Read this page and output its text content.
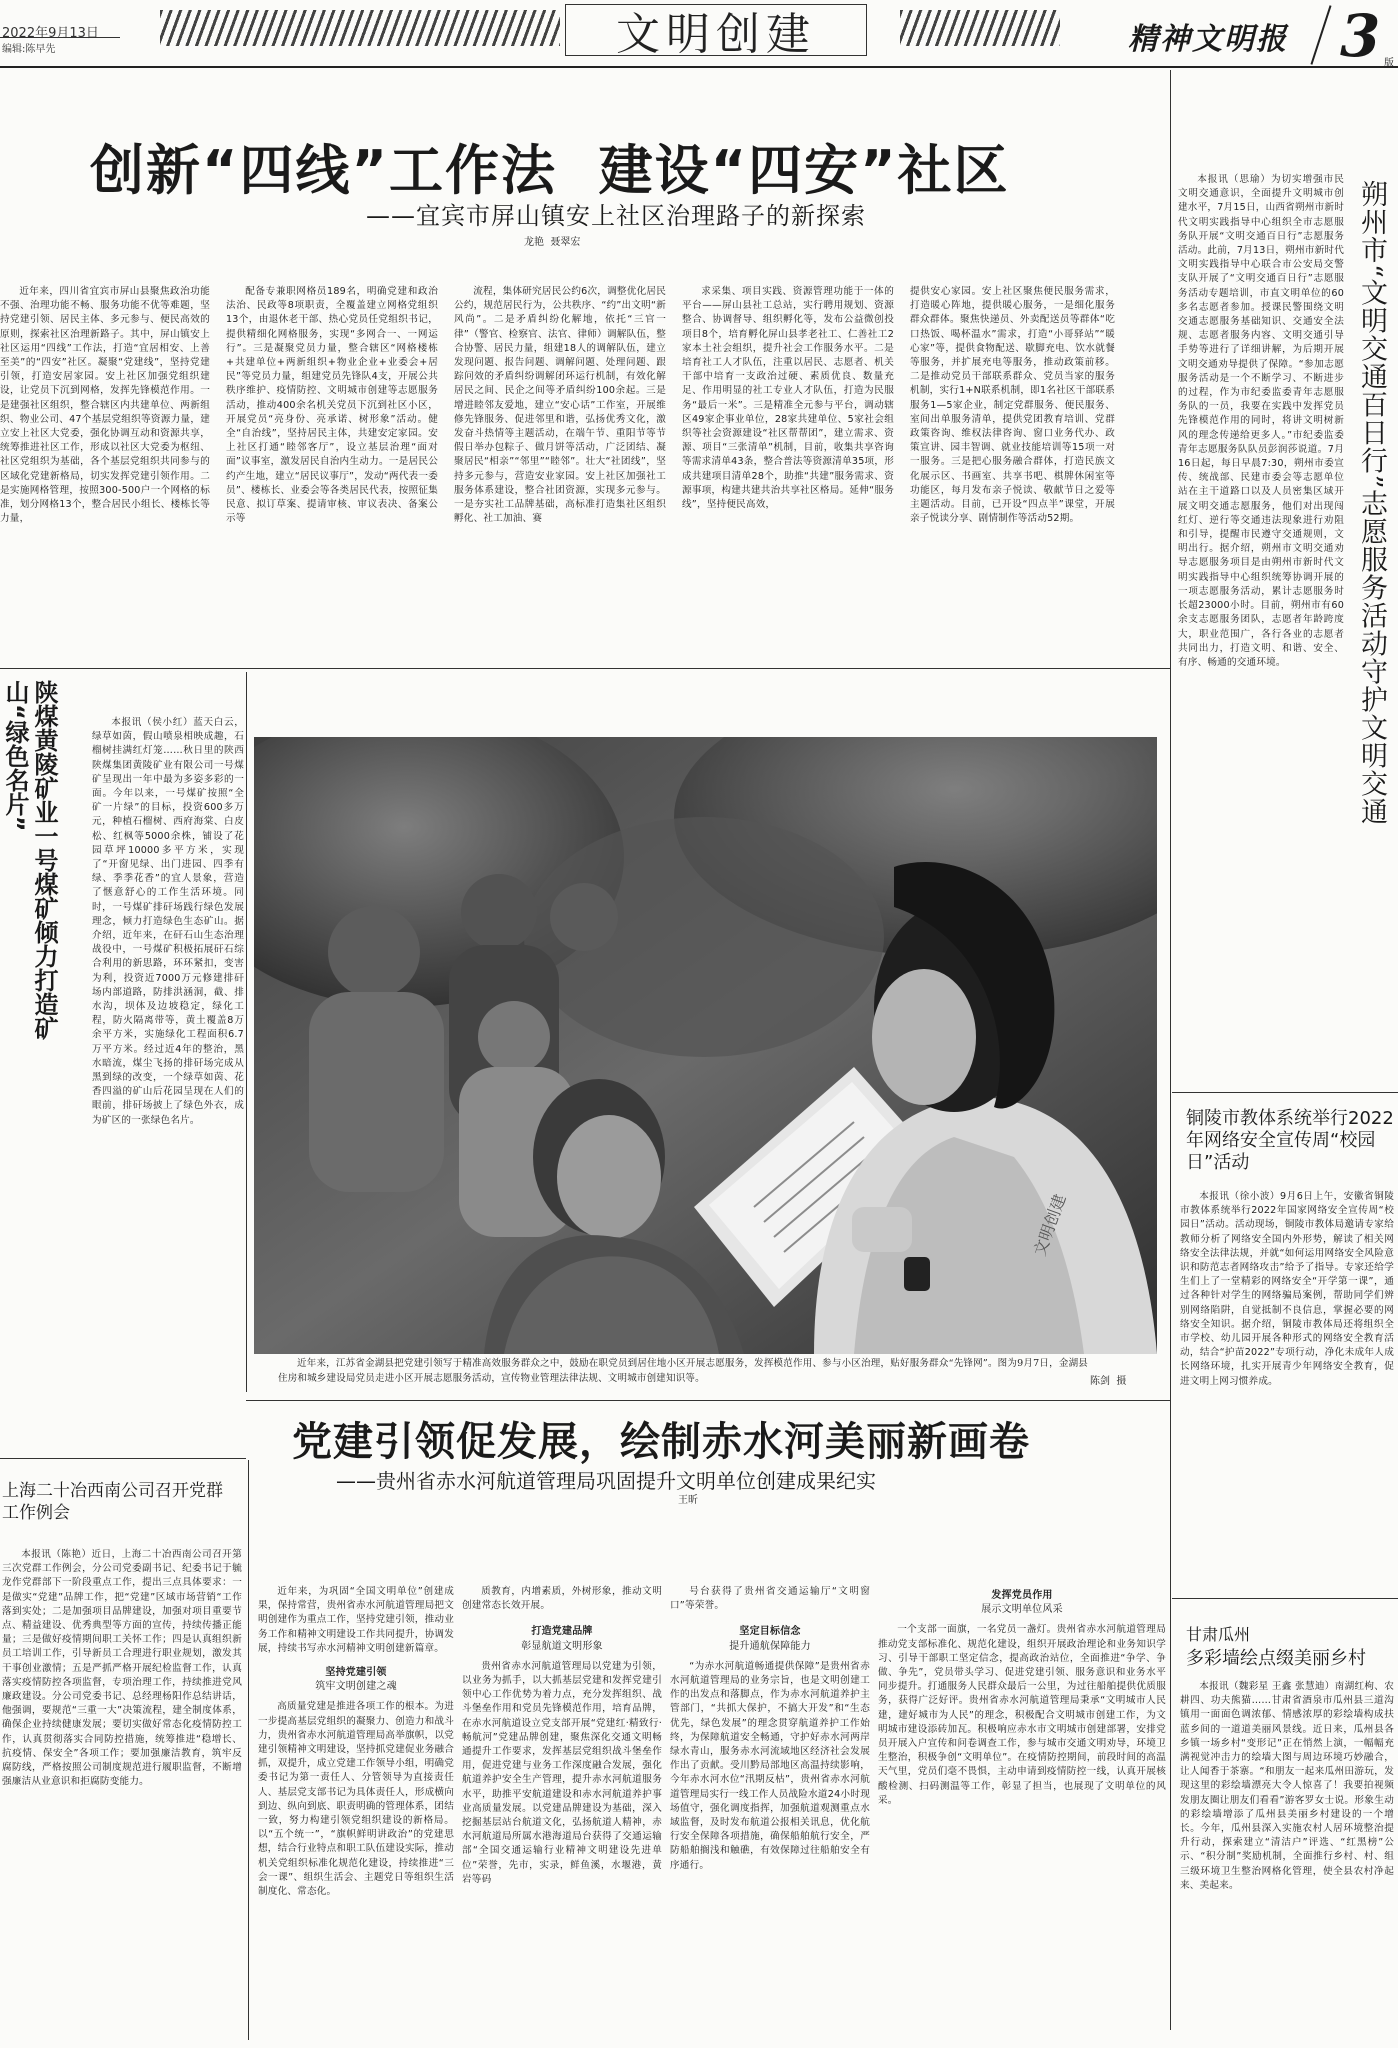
2022年9月13日
编辑:陈早先	文明创建	精神文明报 3 版
创新“四线”工作法  建设“四安”社区
——宜宾市屏山镇安上社区治理路子的新探索
龙艳  聂翠宏

近年来，四川省宜宾市屏山县聚焦政治功能不强、治理功能不畅、服务功能不优等难题，坚持党建引领、居民主体、多元参与、便民高效的原则，探索社区治理新路子。其中，屏山镇安上社区运用“四线”工作法，打造“宜居相安、上善至美”的“四安”社区。凝聚“党建线”，坚持党建引领，打造安居家园。安上社区加强党组织建设，让党员下沉到网格，发挥先锋模范作用。一是建强社区组织，整合辖区内共建单位、两新组织、物业公司、47个基层党组织等资源力量，建立安上社区大党委，强化协调互动和资源共享，统筹推进社区工作，形成以社区大党委为枢纽、社区党组织为基础，各个基层党组织共同参与的区域化党建新格局，切实发挥党建引领作用。二是实施网格管理，按照300-500户一个网格的标准，划分网格13个，整合居民小组长、楼栋长等力量，

配备专兼职网格员189名，明确党建和政治法治、民政等8项职责，全覆盖建立网格党组织13个，由退休老干部、热心党员任党组织书记，提供精细化网格服务，实现“多网合一、一网运行”。三是凝聚党员力量，整合辖区“网格楼栋+共建单位+两新组织+物业企业+业委会+居民”等党员力量，组建党员先锋队4支，开展公共秩序维护、疫情防控、文明城市创建等志愿服务活动，推动400余名机关党员下沉到社区小区，开展党员“亮身份、亮承诺、树形象”活动。健全“自治线”，坚持居民主体，共建安定家园。安上社区打通“睦邻客厅”，设立基层治理“面对面”议事室，激发居民自治内生动力。一是居民公约产生地，建立“居民议事厅”，发动“两代表一委员”、楼栋长、业委会等各类居民代表，按照征集民意、拟订草案、提请审核、审议表决、备案公示等

流程，集体研究居民公约6次，调整优化居民公约，规范居民行为，公共秩序、“约”出文明“新风尚”。二是矛盾纠纷化解地，依托“三官一律”（警官、检察官、法官、律师）调解队伍，整合协警、居民力量，组建18人的调解队伍，建立发现问题、报告问题、调解问题、处理问题、跟踪问效的矛盾纠纷调解闭环运行机制，有效化解居民之间、民企之间等矛盾纠纷100余起。三是增进睦邻友爱地，建立“安心话”工作室，开展维修先锋服务、促进邻里和谐，弘扬优秀文化，激发奋斗热情等主题活动，在端午节、重阳节等节假日举办包粽子、做月饼等活动，广泛团结、凝聚居民“相亲”“邻里”“睦邻”。壮大“社团线”，坚持多元参与，营造安业家园。安上社区加强社工服务体系建设，整合社团资源，实现多元参与。一是夯实社工品牌基础，高标准打造集社区组织孵化、社工加油、赛

求采集、项目实践、资源管理功能于一体的平台——屏山县社工总站，实行聘用规划、资源整合、协调督导、组织孵化等，发布公益微创投项目8个，培育孵化屏山县孝老社工、仁善社工2家本土社会组织，提升社会工作服务水平。二是培育社工人才队伍，注重以居民、志愿者、机关干部中培育一支政治过硬、素质优良、数量充足、作用明显的社工专业人才队伍，打造为民服务“最后一米”。三是精准全元参与平台，调动辖区49家企事业单位，28家共建单位、5家社会组织等社会资源建设“社区帮帮团”，建立需求、资源、项目“三张清单”机制，目前，收集共享咨询等需求清单43条，整合普法等资源清单35项，形成共建项目清单28个，助推“共建”服务需求、资源事项，构建共建共治共享社区格局。延伸“服务线”，坚持便民高效，

提供安心家园。安上社区聚焦便民服务需求，打造暖心阵地，提供暖心服务，一是细化服务群众群体。聚焦快递员、外卖配送员等群体“吃口热饭、喝杯温水”需求，打造“小哥驿站”“暖心家”等，提供食物配送、歇脚充电、饮水就餐等服务，并扩展充电等服务，推动政策前移。二是推动党员干部联系群众、党员当家的服务机制，实行1+N联系机制，即1名社区干部联系服务1—5家企业，制定党群服务、便民服务、室间出单服务清单，提供党团教育培训、党群政策咨询、维权法律咨询、窗口业务代办、政策宣讲、园丰智调、就业技能培训等15项一对一服务。三是把心服务融合群体，打造民族文化展示区、书画室、共享书吧、棋牌休闲室等功能区，每月发布亲子悦读、敬献节日之爱等主题活动。目前，已开设“四点半”课堂，开展亲子悦读分享、剧情制作等活动52期。	朔州市“文明交通百日行”志愿服务活动守护文明交通

本报讯（思瑜）为切实增强市民文明交通意识，全面提升文明城市创建水平，7月15日，山西省朔州市新时代文明实践指导中心组织全市志愿服务队开展“文明交通百日行”志愿服务活动。此前，7月13日，朔州市新时代文明实践指导中心联合市公安局交警支队开展了“文明交通百日行”志愿服务活动专题培训，市直文明单位的60多名志愿者参加。授课民警围绕文明交通志愿服务基础知识、交通安全法规、志愿者服务内容、文明交通引导手势等进行了详细讲解，为后期开展文明交通劝导提供了保障。“参加志愿服务活动是一个不断学习、不断进步的过程，作为市纪委监委青年志愿服务队的一员，我要在实践中发挥党员先锋模范作用的同时，将讲文明树新风的理念传递给更多人。”市纪委监委青年志愿服务队队员彭润莎说道。7月16日起，每日早晨7:30，朔州市委宣传、统战部、民建市委会等志愿单位站在主干道路口以及人员密集区域开展文明交通志愿服务，他们对出现闯红灯、逆行等交通违法现象进行劝阻和引导，提醒市民遵守交通规则，文明出行。据介绍，朔州市文明交通劝导志愿服务项目是由朔州市新时代文明实践指导中心组织统筹协调开展的一项志愿服务活动，累计志愿服务时长超23000小时。目前，朔州市有60余支志愿服务团队，志愿者年龄跨度大，职业范围广，各行各业的志愿者共同出力，打造文明、和谐、安全、有序、畅通的交通环境。

陕煤黄陵矿业一号煤矿倾力打造矿山“绿色名片”	本报讯（侯小红）蓝天白云，绿草如茵，假山喷泉相映成趣，石榴树挂满红灯笼……秋日里的陕西陕煤集团黄陵矿业有限公司一号煤矿呈现出一年中最为多姿多彩的一面。今年以来，一号煤矿按照“全矿一片绿”的目标，投资600多万元，种植石榴树、西府海棠、白皮松、红枫等5000余株，铺设了花园草坪10000多平方米，实现了“开窗见绿、出门进园、四季有绿、季季花香”的宜人景象，营造了惬意舒心的工作生活环境。同时，一号煤矿排矸场践行绿色发展理念，倾力打造绿色生态矿山。据介绍，近年来，在矸石山生态治理战役中，一号煤矿积极拓展矸石综合利用的新思路，环环紧扣，变害为利，投资近7000万元修建排矸场内部道路，防排洪涵洞，截、排水沟，坝体及边坡稳定，绿化工程，防火隔离带等，黄土覆盖8万余平方米，实施绿化工程面积6.7万平方米。经过近4年的整治，黑水暗流，煤尘飞扬的排矸场完成从黑到绿的改变，一个绿草如茵、花香四溢的矿山后花园呈现在人们的眼前，排矸场披上了绿色外衣，成为矿区的一张绿色名片。

文明创建

近年来，江苏省金湖县把党建引领写于精准高效服务群众之中，鼓励在职党员到居住地小区开展志愿服务，发挥模范作用、参与小区治理，贴好服务群众“先锋网”。图为9月7日，金湖县住房和城乡建设局党员走进小区开展志愿服务活动，宣传物业管理法律法规、文明城市创建知识等。	陈剑  摄
铜陵市教体系统举行2022年网络安全宣传周“校园日”活动

本报讯（徐小波）9月6日上午，安徽省铜陵市教体系统举行2022年国家网络安全宣传周“校园日”活动。活动现场，铜陵市教体局邀请专家给教师分析了网络安全国内外形势，解读了相关网络安全法律法规，并就“如何运用网络安全风险意识和防范志者网络攻击”给予了指导。专家还给学生们上了一堂精彩的网络安全“开学第一课”，通过各种针对学生的网络骗局案例，帮助同学们辨别网络陷阱，自觉抵制不良信息，掌握必要的网络安全知识。据介绍，铜陵市教体局还将组织全市学校、幼儿园开展各种形式的网络安全教育活动，结合“护苗2022”专项行动，净化未成年人成长网络环境，扎实开展青少年网络安全教育，促进文明上网习惯养成。

党建引领促发展，绘制赤水河美丽新画卷
——贵州省赤水河航道管理局巩固提升文明单位创建成果纪实
王昕

近年来，为巩固“全国文明单位”创建成果，保持常营，贵州省赤水河航道管理局把文明创建作为重点工作，坚持党建引领，推动业务工作和精神文明建设工作共同提升，协调发展，持续书写赤水河精神文明创建新篇章。

坚持党建引领
筑牢文明创建之魂

高质量党建是推进各项工作的根本。为进一步提高基层党组织的凝聚力、创造力和战斗力，贵州省赤水河航道管理局高举旗帜，以党建引领精神文明建设，坚持抓党建促业务融合抓，双提升，成立党建工作领导小组，明确党委书记为第一责任人、分管领导为直接责任人、基层党支部书记为具体责任人，形成横向到边、纵向到底、职责明确的管理体系，团结一致，努力构建引领党组织建设的新格局。以“五个统一”，“旗帜鲜明讲政治”的党建思想，结合行业特点和职工队伍建设实际，推动机关党组织标准化规范化建设，持续推进“三会一课”、组织生活会、主题党日等组织生活制度化、常态化。

质教育，内增素质，外树形象，推动文明创建常态长效开展。

打造党建品牌
彰显航道文明形象

贵州省赤水河航道管理局以党建为引领，以业务为抓手，以大抓基层党建和发挥党建引领中心工作优势为着力点，充分发挥组织、战斗堡垒作用和党员先锋模范作用，培育品牌，在赤水河航道设立党支部开展“党建红·精致行·畅航河”党建品牌创建，聚焦深化交通文明畅通提升工作要求，发挥基层党组织战斗堡垒作用，促进党建与业务工作深度融合发展，强化航道养护安全生产管理，提升赤水河航道服务水平，助推平安航道建设和赤水河航道养护事业高质量发展。以党建品牌建设为基础，深入挖掘基层站台航道文化，弘扬航道人精神，赤水河航道局所属水港海道局台获得了交通运输部“全国交通运输行业精神文明建设先进单位”荣誉，先市，实录，鲜鱼溪，水堰港，黄岩等码

号台获得了贵州省交通运输厅“文明窗口”等荣誉。

坚定目标信念
提升通航保障能力

“为赤水河航道畅通提供保障”是贵州省赤水河航道管理局的业务宗旨，也是文明创建工作的出发点和落脚点，作为赤水河航道养护主管部门，“共抓大保护，不搞大开发”和“生态优先，绿色发展”的理念贯穿航道养护工作始终，为保障航道安全畅通，守护好赤水河两岸绿水青山，服务赤水河流域地区经济社会发展作出了贡献。受川黔局部地区高温持续影响，今年赤水河水位“汛期反枯”，贵州省赤水河航道管理局实行一线工作人员战险水道24小时现场值守，强化调度指挥，加强航道观测重点水域监督，及时发布航道公报相关讯息，优化航行安全保障各项措施，确保船舶航行安全，严防船舶搁浅和触礁，有效保障过往船舶安全有序通行。

发挥党员作用
展示文明单位风采

一个支部一面旗，一名党员一盏灯。贵州省赤水河航道管理局推动党支部标准化、规范化建设，组织开展政治理论和业务知识学习、引导干部职工坚定信念，提高政治站位，全面推进“争学、争做、争先”，党员带头学习、促进党建引领、服务意识和业务水平同步提升。打通服务人民群众最后一公里，为过往船舶提供优质服务，获得广泛好评。贵州省赤水河航道管理局秉承“文明城市人民建，建好城市为人民”的理念，积极配合文明城市创建工作，为文明城市建设添砖加瓦。积极响应赤水市文明城市创建部署，安排党员开展入户宣传和问卷调查工作，参与城市交通文明劝导，环境卫生整治，积极争创“文明单位”。在疫情防控期间，前段时间的高温天气里，党员们毫不畏惧，主动申请到疫情防控一线，认真开展核酸检测、扫码测温等工作，彰显了担当，也展现了文明单位的风采。

上海二十冶西南公司召开党群工作例会

本报讯（陈艳）近日，上海二十冶西南公司召开第三次党群工作例会，分公司党委副书记、纪委书记于毓龙作党群部下一阶段重点工作，提出三点具体要求：一是做实“党建”品牌工作，把“党建”区域市场营销“工作落到实处；二是加强项目品牌建设，加强对项目重要节点、精益建设、优秀典型等方面的宣传，持续传播正能量；三是做好疫情期间职工关怀工作；四是认真组织新员工培训工作，引导新员工合理进行职业规划，激发其干事创业激情；五是严抓严格开展纪检监督工作，认真落实疫情防控各项监督，专项治理工作，持续推进党风廉政建设。分公司党委书记、总经理杨阳作总结讲话，他强调，要规范“三重一大”决策流程，建全制度体系，确保企业持续健康发展；要切实做好常态化疫情防控工作，认真贯彻落实合同防控措施，统筹推进“稳增长、抗疫情、保安全”各项工作；要加强廉洁教育，筑牢反腐防线，严格按照公司制度规范进行履职监督，不断增强廉洁从业意识和拒腐防变能力。

甘肃瓜州
多彩墙绘点缀美丽乡村

本报讯（魏彩星 王鑫 张慧迪）南湖红枸、农耕四、功夫熊猫……甘肃省酒泉市瓜州县三道沟镇用一面面色调浓郁、情感浓厚的彩绘墙构成扶蓝乡间的一道道美丽风景线。近日来，瓜州县各乡镇一场乡村“变形记”正在悄然上演，一幅幅充满视觉冲击力的绘墙大图与周边环境巧妙融合，让人闻香于茶寨。“和朋友一起来瓜州田游玩，发现这里的彩绘墙漂亮大令人惊喜了！我要拍视频发朋友圈让朋友们看看”游客罗女士说。形象生动的彩绘墙增添了瓜州县美丽乡村建设的一个增长。今年，瓜州县深入实施农村人居环境整治提升行动，探索建立“清洁户”评选、“红黑榜”公示、“积分制”奖励机制，全面推行乡村、村、组三级环境卫生整治网格化管理，使全县农村净起来、美起来。
